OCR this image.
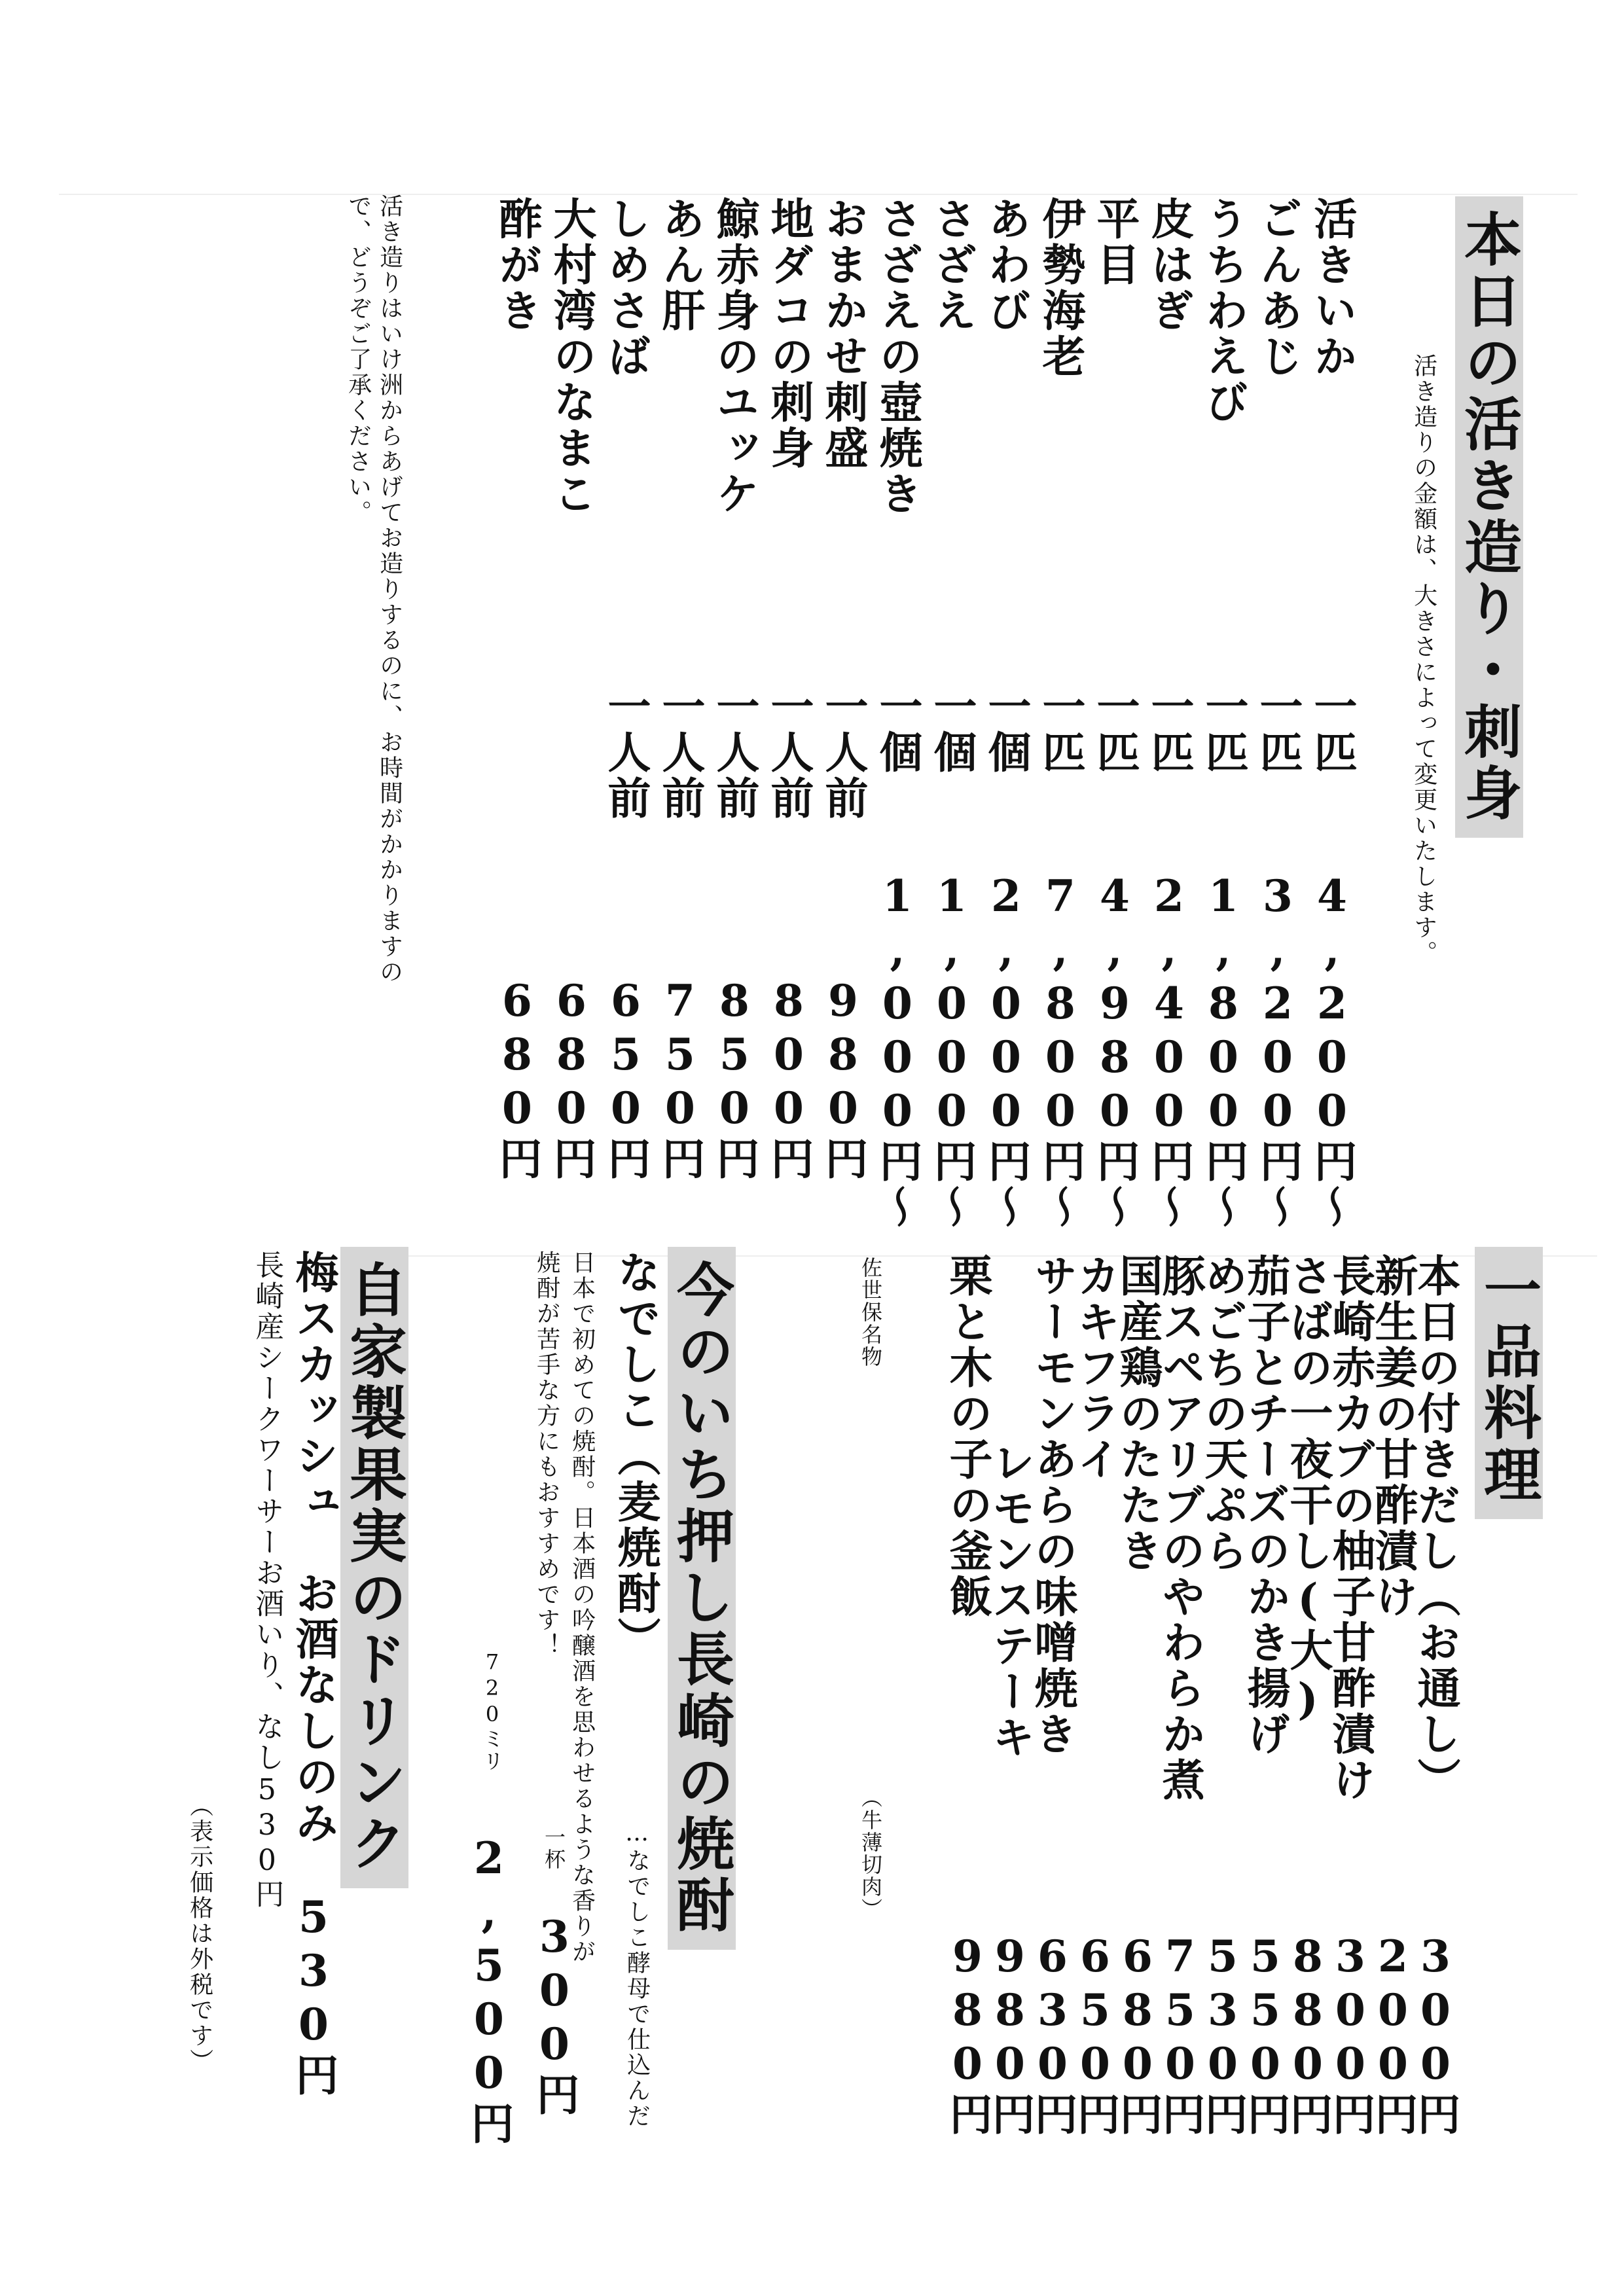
本日の活き造り・刺身
活き造りの金額は、大きさによって変更いたします。
活きいか
一匹
4,200円〜
ごんあじ
一匹
3,200円〜
うちわえび
一匹
1,800円〜
皮はぎ
一匹
2,400円〜
平目
一匹
4,980円〜
伊勢海老
一匹
7,800円〜
あわび
一個
2,000円〜
さざえ
一個
1,000円〜
さざえの壺焼き
一個
1,000円〜
おまかせ刺盛
一人前
980円
地ダコの刺身
一人前
800円
鯨赤身のユッケ
一人前
850円
あん肝
一人前
750円
しめさば
一人前
650円
大村湾のなまこ
680円
酢がき
680円
活き造りはいけ洲からあげてお造りするのに、お時間がかかりますの
で、どうぞご了承ください。
一品料理
本日の付きだし（お通し）
300円
新生姜の甘酢漬け
200円
長崎赤カブの柚子甘酢漬け
300円
さばの一夜干し(大)
880円
茄子とチーズのかき揚げ
550円
めごちの天ぷら
530円
豚スペアリブのやわらか煮
750円
国産鶏のたたき
680円
カキフライ
650円
サーモンあらの味噌焼き
630円
レモンステーキ
980円
栗と木の子の釜飯
980円
佐世保名物
（牛薄切肉）
今のいち押し長崎の焼酎
なでしこ（麦焼酎）
…なでしこ酵母で仕込んだ
日本で初めての焼酎。日本酒の吟醸酒を思わせるような香りが
焼酎が苦手な方にもおすすめです！
一杯
300円
720ミリ
2,500円
自家製果実のドリンク
梅スカッシュ　お酒なしのみ　530円
長崎産シークワーサーお酒いり、なし530円
（表示価格は外税です）
